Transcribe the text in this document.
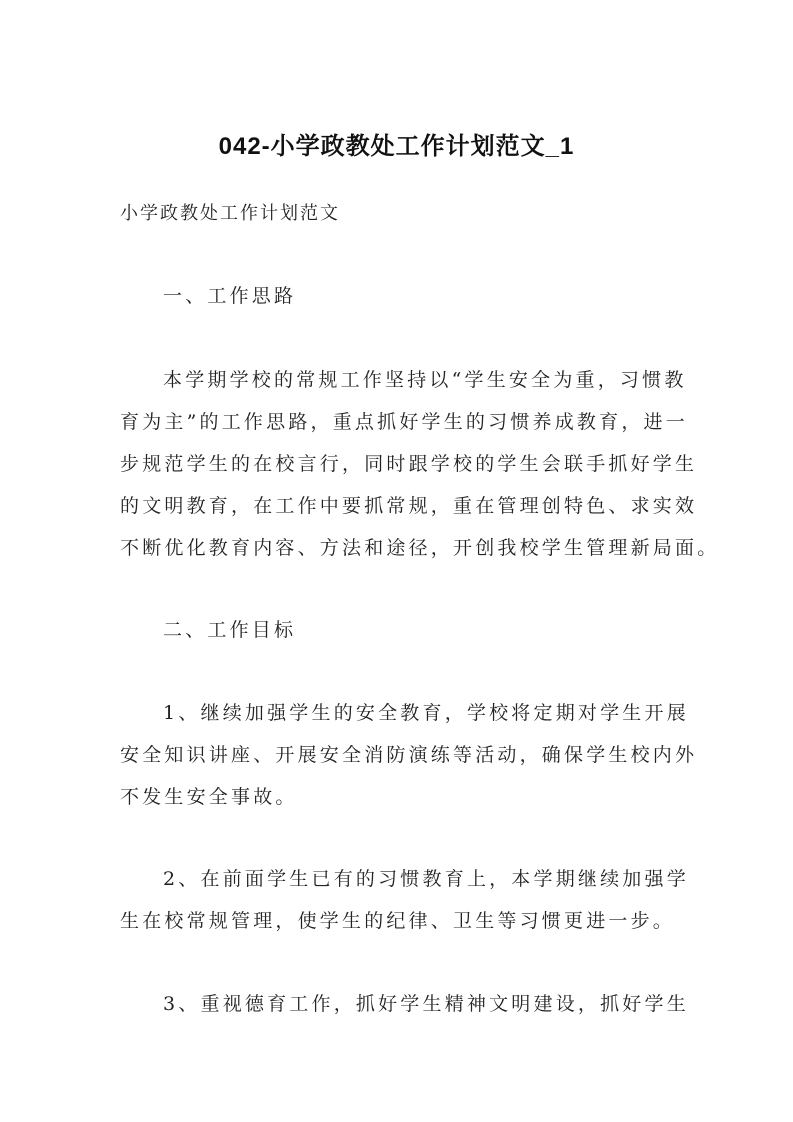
042-小学政教处工作计划范文_1
小学政教处工作计划范文
一、工作思路
本学期学校的常规工作坚持以“学生安全为重，习惯教
育为主”的工作思路，重点抓好学生的习惯养成教育，进一
步规范学生的在校言行，同时跟学校的学生会联手抓好学生
的文明教育，在工作中要抓常规，重在管理创特色、求实效
不断优化教育内容、方法和途径，开创我校学生管理新局面。
二、工作目标
1、继续加强学生的安全教育，学校将定期对学生开展
安全知识讲座、开展安全消防演练等活动，确保学生校内外
不发生安全事故。
2、在前面学生已有的习惯教育上，本学期继续加强学
生在校常规管理，使学生的纪律、卫生等习惯更进一步。
3、重视德育工作，抓好学生精神文明建设，抓好学生
